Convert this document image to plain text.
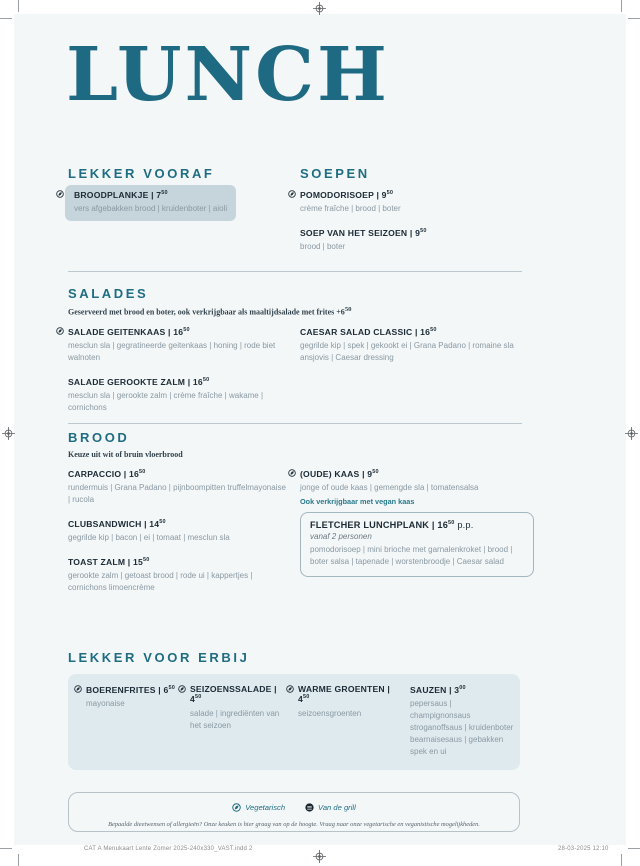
LUNCH
LEKKER VOORAF
BROODPLANKJE | $7^{50}$
vers afgebakken brood | kruidenboter | aioli
SOEPEN
POMODORISOEP | $9^{50}$
crème fraîche | brood | boter
SOEP VAN HET SEIZOEN | $9^{50}$
brood | boter
SALADES
Geserveerd met brood en boter, ook verkrijgbaar als maaltijdsalade met frites $+6^{50}$
SALADE GEITENKAAS | $16^{50}$
mesclun sla | gegratineerde geitenkaas | honing | rode biet walnoten
SALADE GEROOKTE ZALM | $16^{50}$
mesclun sla | gerookte zalm | crème fraîche | wakame | cornichons
CAESAR SALAD CLASSIC | $16^{50}$
gegrilde kip | spek | gekookt ei | Grana Padano | romaine sla ansjovis | Caesar dressing
BROOD
Keuze uit wit of bruin vloerbrood
CARPACCIO | $16^{50}$
rundermuis | Grana Padano | pijnboompitten truffelmayonaise | rucola
CLUBSANDWICH | $14^{50}$
gegrilde kip | bacon | ei | tomaat | mesclun sla
TOAST ZALM | $15^{50}$
gerookte zalm | getoast brood | rode ui | kappertjes | cornichons limoencrème
(OUDE) KAAS | $9^{50}$
jonge of oude kaas | gemengde sla | tomatensalsa
Ook verkrijgbaar met vegan kaas
FLETCHER LUNCHPLANK | $16^{50}$ p.p.
vanaf 2 personen
pomodorisoep | mini brioche met garnalenkroket | brood | boter salsa | tapenade | worstenbroodje | Caesar salad
LEKKER VOOR ERBIJ
BOERENFRITES | $6^{50}$
mayonaise
SEIZOENSSALADE | $4^{50}$
salade | ingrediënten van het seizoen
WARME GROENTEN | $4^{50}$
seizoensgroenten
SAUZEN | $3^{00}$
pepersaus | champignonsaus stroganoffsaus | kruidenboter bearnaisesaus | gebakken spek en ui
Vegetarisch	Van de grill
Bepaalde dieetwensen of allergieën? Onze keuken is hier graag van op de hoogte. Vraag naar onze vegetarische en veganistische mogelijkheden.
CAT A Menukaart Lente Zomer 2025-240x330_VAST.indd 2	28-03-2025 12:10
